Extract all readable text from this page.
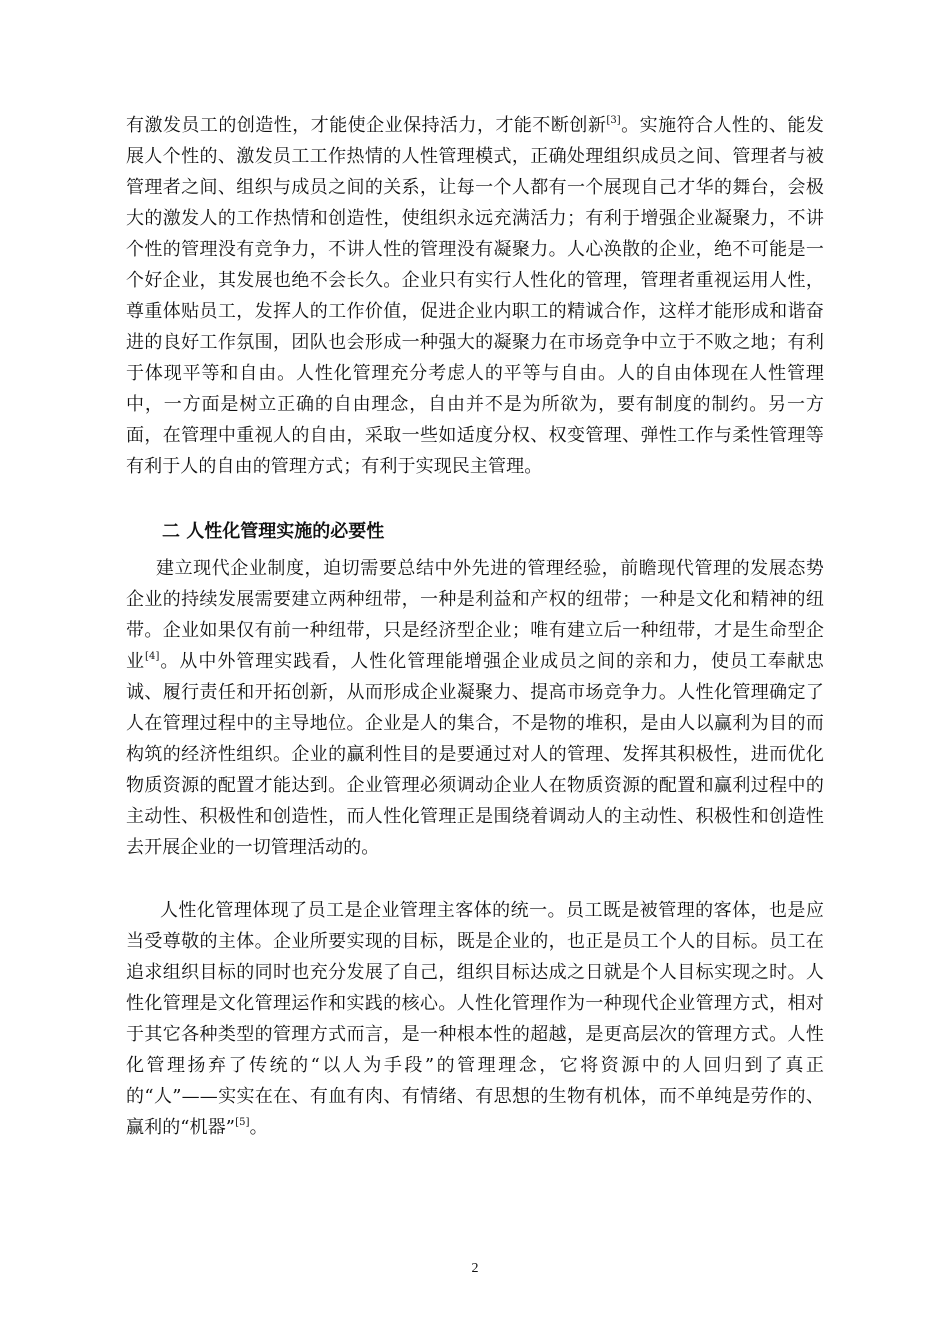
有激发员工的创造性，才能使企业保持活力，才能不断创新[3]。实施符合人性的、能发展人个性的、激发员工工作热情的人性管理模式，正确处理组织成员之间、管理者与被管理者之间、组织与成员之间的关系，让每一个人都有一个展现自己才华的舞台，会极大的激发人的工作热情和创造性，使组织永远充满活力；有利于增强企业凝聚力，不讲个性的管理没有竞争力，不讲人性的管理没有凝聚力。人心涣散的企业，绝不可能是一个好企业，其发展也绝不会长久。企业只有实行人性化的管理，管理者重视运用人性，尊重体贴员工，发挥人的工作价值，促进企业内职工的精诚合作，这样才能形成和谐奋进的良好工作氛围，团队也会形成一种强大的凝聚力在市场竞争中立于不败之地；有利于体现平等和自由。人性化管理充分考虑人的平等与自由。人的自由体现在人性管理中，一方面是树立正确的自由理念，自由并不是为所欲为，要有制度的制约。另一方面，在管理中重视人的自由，采取一些如适度分权、权变管理、弹性工作与柔性管理等有利于人的自由的管理方式；有利于实现民主管理。

二 人性化管理实施的必要性

建立现代企业制度，迫切需要总结中外先进的管理经验，前瞻现代管理的发展态势企业的持续发展需要建立两种纽带，一种是利益和产权的纽带；一种是文化和精神的纽带。企业如果仅有前一种纽带，只是经济型企业；唯有建立后一种纽带，才是生命型企业[4]。从中外管理实践看，人性化管理能增强企业成员之间的亲和力，使员工奉献忠诚、履行责任和开拓创新，从而形成企业凝聚力、提高市场竞争力。人性化管理确定了人在管理过程中的主导地位。企业是人的集合，不是物的堆积，是由人以赢利为目的而构筑的经济性组织。企业的赢利性目的是要通过对人的管理、发挥其积极性，进而优化物质资源的配置才能达到。企业管理必须调动企业人在物质资源的配置和赢利过程中的主动性、积极性和创造性，而人性化管理正是围绕着调动人的主动性、积极性和创造性去开展企业的一切管理活动的。

人性化管理体现了员工是企业管理主客体的统一。员工既是被管理的客体，也是应当受尊敬的主体。企业所要实现的目标，既是企业的，也正是员工个人的目标。员工在追求组织目标的同时也充分发展了自己，组织目标达成之日就是个人目标实现之时。人性化管理是文化管理运作和实践的核心。人性化管理作为一种现代企业管理方式，相对于其它各种类型的管理方式而言，是一种根本性的超越，是更高层次的管理方式。人性化管理扬弃了传统的“以人为手段”的管理理念，它将资源中的人回归到了真正的“人”——实实在在、有血有肉、有情绪、有思想的生物有机体，而不单纯是劳作的、赢利的“机器”[5]。

2
